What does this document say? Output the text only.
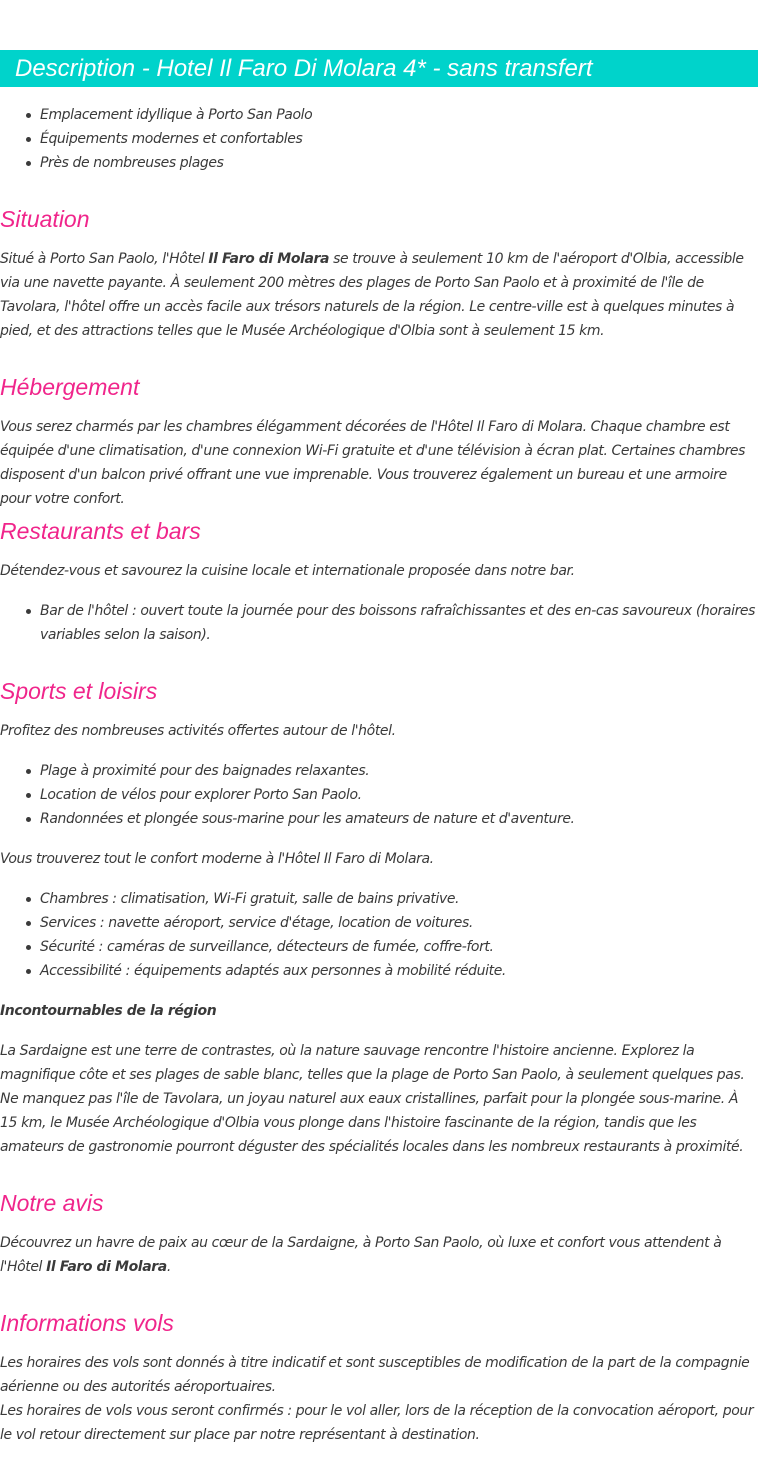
Description - Hotel Il Faro Di Molara 4* - sans transfert
Emplacement idyllique à Porto San Paolo
Équipements modernes et confortables
Près de nombreuses plages
Situation

Situé à Porto San Paolo, l'Hôtel Il Faro di Molara se trouve à seulement 10 km de l'aéroport d'Olbia, accessible via une navette payante. À seulement 200 mètres des plages de Porto San Paolo et à proximité de l'île de Tavolara, l'hôtel offre un accès facile aux trésors naturels de la région. Le centre-ville est à quelques minutes à pied, et des attractions telles que le Musée Archéologique d'Olbia sont à seulement 15 km.

Hébergement

Vous serez charmés par les chambres élégamment décorées de l'Hôtel Il Faro di Molara. Chaque chambre est équipée d'une climatisation, d'une connexion Wi-Fi gratuite et d'une télévision à écran plat. Certaines chambres disposent d'un balcon privé offrant une vue imprenable. Vous trouverez également un bureau et une armoire pour votre confort.

Restaurants et bars

Détendez-vous et savourez la cuisine locale et internationale proposée dans notre bar.

Bar de l'hôtel : ouvert toute la journée pour des boissons rafraîchissantes et des en-cas savoureux (horaires variables selon la saison).
Sports et loisirs

Profitez des nombreuses activités offertes autour de l'hôtel.

Plage à proximité pour des baignades relaxantes.
Location de vélos pour explorer Porto San Paolo.
Randonnées et plongée sous-marine pour les amateurs de nature et d'aventure.

Vous trouverez tout le confort moderne à l'Hôtel Il Faro di Molara.

Chambres : climatisation, Wi-Fi gratuit, salle de bains privative.
Services : navette aéroport, service d'étage, location de voitures.
Sécurité : caméras de surveillance, détecteurs de fumée, coffre-fort.
Accessibilité : équipements adaptés aux personnes à mobilité réduite.

Incontournables de la région

La Sardaigne est une terre de contrastes, où la nature sauvage rencontre l'histoire ancienne. Explorez la magnifique côte et ses plages de sable blanc, telles que la plage de Porto San Paolo, à seulement quelques pas. Ne manquez pas l'île de Tavolara, un joyau naturel aux eaux cristallines, parfait pour la plongée sous-marine. À 15 km, le Musée Archéologique d'Olbia vous plonge dans l'histoire fascinante de la région, tandis que les amateurs de gastronomie pourront déguster des spécialités locales dans les nombreux restaurants à proximité.

Notre avis

Découvrez un havre de paix au cœur de la Sardaigne, à Porto San Paolo, où luxe et confort vous attendent à l'Hôtel Il Faro di Molara.

Informations vols

Les horaires des vols sont donnés à titre indicatif et sont susceptibles de modification de la part de la compagnie aérienne ou des autorités aéroportuaires.

Les horaires de vols vous seront confirmés : pour le vol aller, lors de la réception de la convocation aéroport, pour le vol retour directement sur place par notre représentant à destination.
